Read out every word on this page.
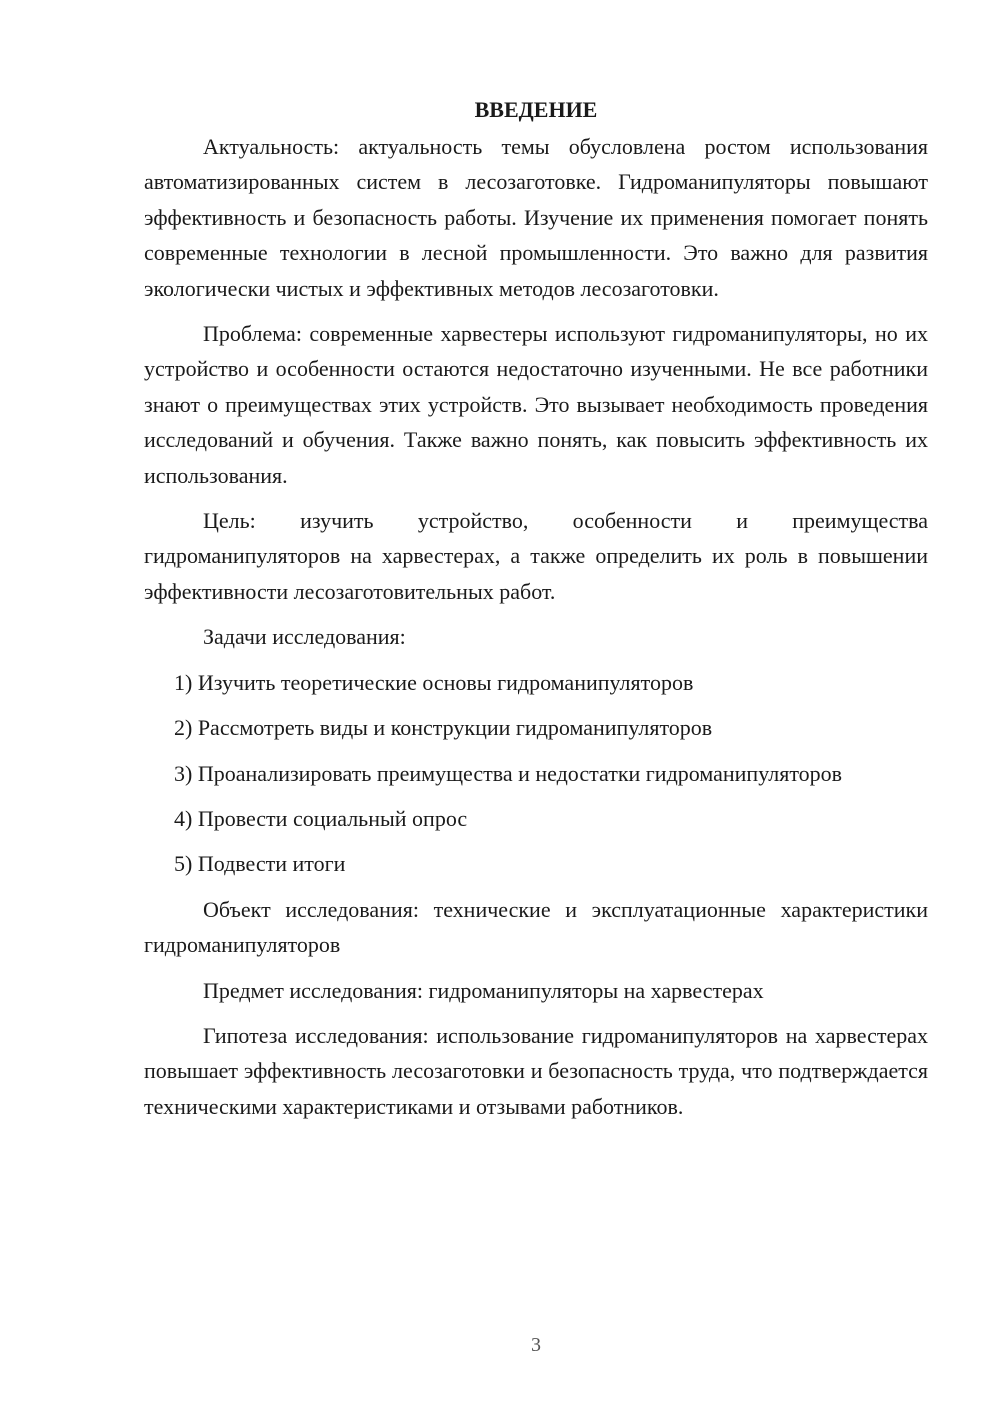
ВВЕДЕНИЕ

Актуальность: актуальность темы обусловлена ростом использования автоматизированных систем в лесозаготовке. Гидроманипуляторы повышают эффективность и безопасность работы. Изучение их применения помогает понять современные технологии в лесной промышленности. Это важно для развития экологически чистых и эффективных методов лесозаготовки.

Проблема: современные харвестеры используют гидроманипуляторы, но их устройство и особенности остаются недостаточно изученными. Не все работники знают о преимуществах этих устройств. Это вызывает необходимость проведения исследований и обучения. Также важно понять, как повысить эффективность их использования.

Цель: изучить устройство, особенности и преимущества гидроманипуляторов на харвестерах, а также определить их роль в повышении эффективности лесозаготовительных работ.

Задачи исследования:

1) Изучить теоретические основы гидроманипуляторов

2) Рассмотреть виды и конструкции гидроманипуляторов

3) Проанализировать преимущества и недостатки гидроманипуляторов

4) Провести социальный опрос

5) Подвести итоги

Объект исследования: технические и эксплуатационные характеристики гидроманипуляторов

Предмет исследования: гидроманипуляторы на харвестерах

Гипотеза исследования: использование гидроманипуляторов на харвестерах повышает эффективность лесозаготовки и безопасность труда, что подтверждается техническими характеристиками и отзывами работников.

3
